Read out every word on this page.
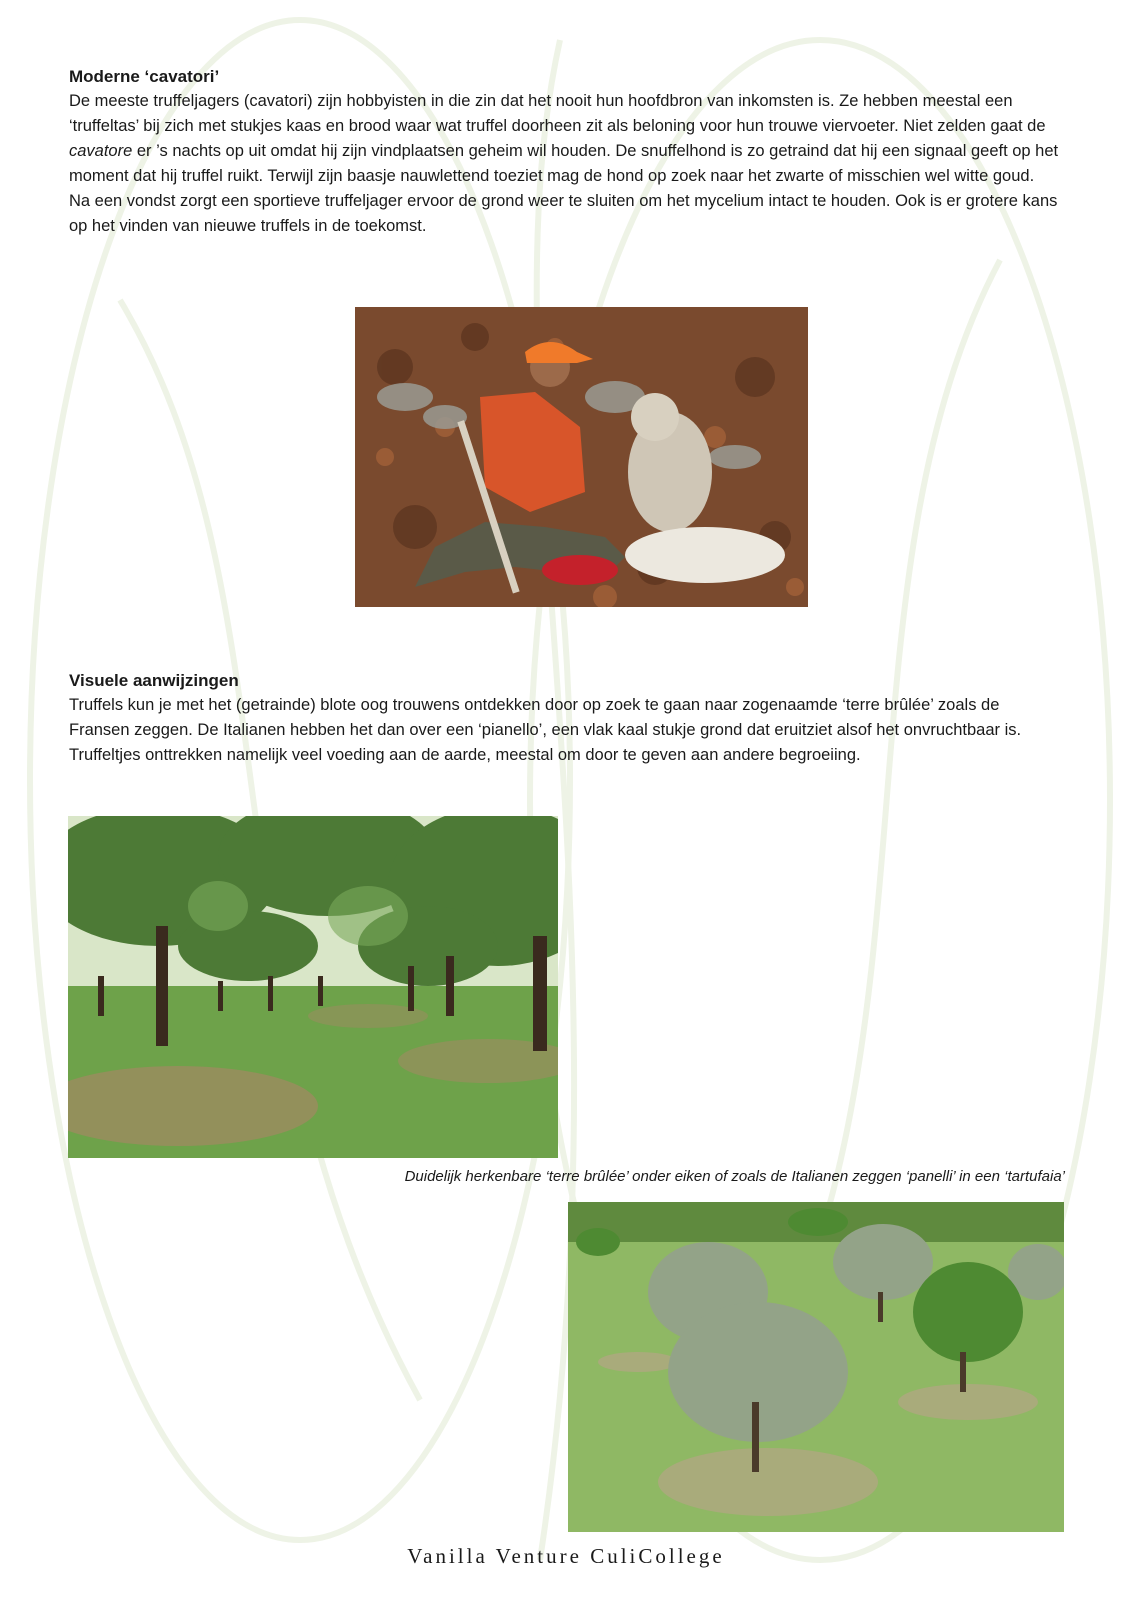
Moderne ‘cavatori’

De meeste truffeljagers (cavatori) zijn hobbyisten in die zin dat het nooit hun hoofdbron van inkomsten is. Ze hebben meestal een ‘truffeltas’ bij zich met stukjes kaas en brood waar wat truffel doorheen zit als beloning voor hun trouwe viervoeter. Niet zelden gaat de cavatore er ’s nachts op uit omdat hij zijn vindplaatsen geheim wil houden. De snuffelhond is zo getraind dat hij een signaal geeft op het moment dat hij truffel ruikt. Terwijl zijn baasje nauwlettend toeziet mag de hond op zoek naar het zwarte of misschien wel witte goud.

Na een vondst zorgt een sportieve truffeljager ervoor de grond weer te sluiten om het mycelium intact te houden. Ook is er grotere kans op het vinden van nieuwe truffels in de toekomst.

Visuele aanwijzingen

Truffels kun je met het (getrainde) blote oog trouwens ontdekken door op zoek te gaan naar zogenaamde ‘terre brûlée’ zoals de Fransen zeggen. De Italianen hebben het dan over een ‘pianello’, een vlak kaal stukje grond dat eruitziet alsof het onvruchtbaar is. Truffeltjes onttrekken namelijk veel voeding aan de aarde, meestal om door te geven aan andere begroeiing.

Duidelijk herkenbare ‘terre brûlée’ onder eiken of zoals de Italianen zeggen ‘panelli’ in een ‘tartufaia’
Vanilla Venture CuliCollege
